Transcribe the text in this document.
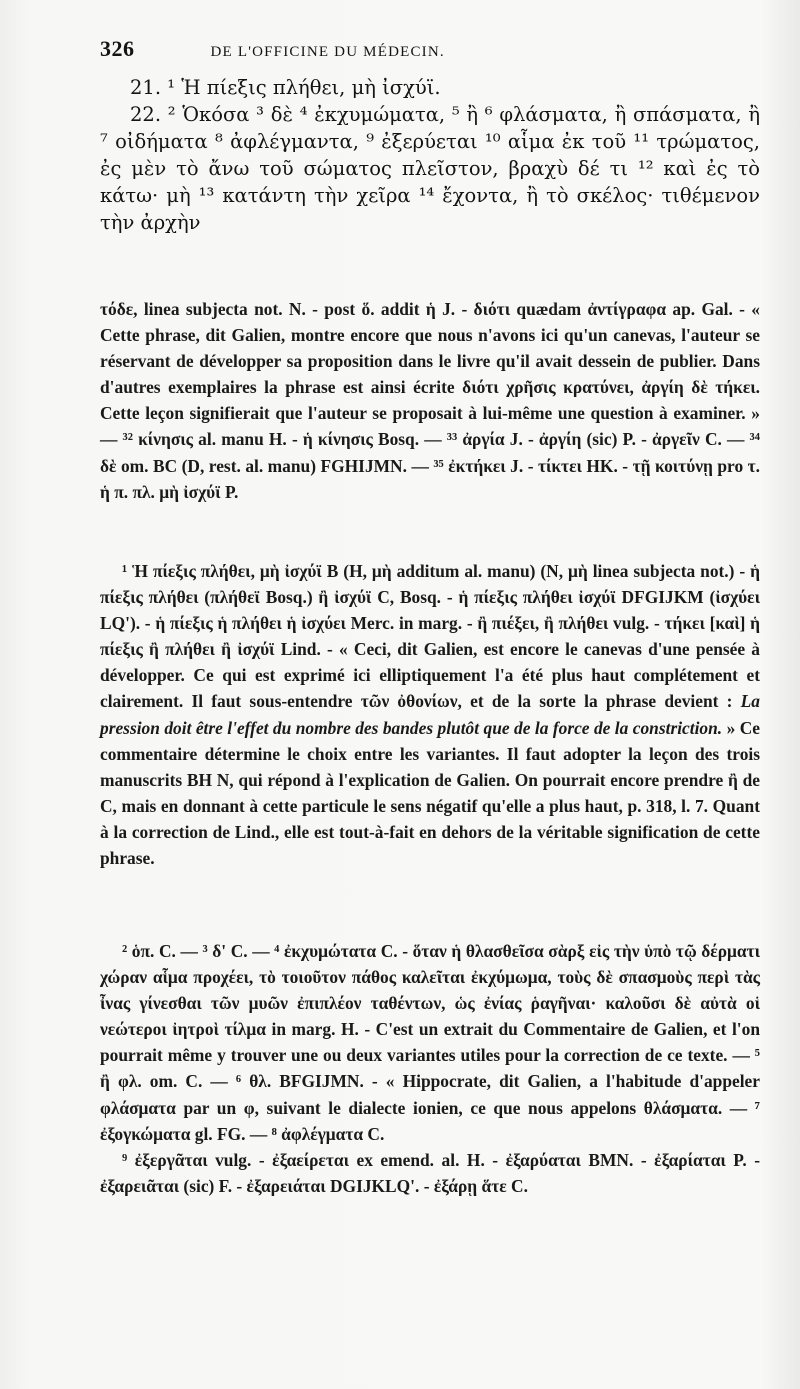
326	DE L'OFFICINE DU MÉDECIN.

21. ¹ Ἡ πίεξις πλήθει, μὴ ἰσχύϊ.

22. ² Ὁκόσα ³ δὲ ⁴ ἐκχυμώματα, ⁵ ἢ ⁶ φλάσματα, ἢ σπάσματα, ἢ ⁷ οἰδήματα ⁸ ἀφλέγμαντα, ⁹ ἐξερύεται ¹⁰ αἷμα ἐκ τοῦ ¹¹ τρώματος, ἐς μὲν τὸ ἄνω τοῦ σώματος πλεῖστον, βραχὺ δέ τι ¹² καὶ ἐς τὸ κάτω· μὴ ¹³ κατάντη τὴν χεῖρα ¹⁴ ἔχοντα, ἢ τὸ σκέλος· τιθέμενον τὴν ἀρχὴν

τόδε, linea subjecta not. N. - post ὅ. addit ἡ J. - διότι quædam ἀντίγραφα ap. Gal. - « Cette phrase, dit Galien, montre encore que nous n'avons ici qu'un canevas, l'auteur se réservant de développer sa proposition dans le livre qu'il avait dessein de publier. Dans d'autres exemplaires la phrase est ainsi écrite διότι χρῆσις κρατύνει, ἀργίη δὲ τήκει. Cette leçon signifierait que l'auteur se proposait à lui-même une question à examiner. » — ³² κίνησις al. manu H. - ἡ κίνησις Bosq. — ³³ ἀργία J. - ἀργίη (sic) P. - ἀργεῖν C. — ³⁴ δὲ om. BC (D, rest. al. manu) FGHIJMN. — ³⁵ ἐκτήκει J. - τίκτει HK. - τῇ κοιτύνῃ pro τ. ἡ π. πλ. μὴ ἰσχύϊ P.

¹ Ἡ πίεξις πλήθει, μὴ ἰσχύϊ B (H, μὴ additum al. manu) (N, μὴ linea subjecta not.) - ἡ πίεξις πλήθει (πλήθεϊ Bosq.) ἢ ἰσχύϊ C, Bosq. - ἡ πίεξις πλήθει ἰσχύϊ DFGIJKM (ἰσχύει LQ'). - ἡ πίεξις ἡ πλήθει ἡ ἰσχύει Merc. in marg. - ἢ πιέξει, ἢ πλήθει vulg. - τήκει [καὶ] ἡ πίεξις ἢ πλήθει ἢ ἰσχύϊ Lind. - « Ceci, dit Galien, est encore le canevas d'une pensée à développer. Ce qui est exprimé ici elliptiquement l'a été plus haut complétement et clairement. Il faut sous-entendre τῶν ὀθονίων, et de la sorte la phrase devient : La pression doit être l'effet du nombre des bandes plutôt que de la force de la constriction. » Ce commentaire détermine le choix entre les variantes. Il faut adopter la leçon des trois manuscrits BH N, qui répond à l'explication de Galien. On pourrait encore prendre ἢ de C, mais en donnant à cette particule le sens négatif qu'elle a plus haut, p. 318, l. 7. Quant à la correction de Lind., elle est tout-à-fait en dehors de la véritable signification de cette phrase.

² ὁπ. C. — ³ δ' C. — ⁴ ἐκχυμώτατα C. - ὅταν ἡ θλασθεῖσα σὰρξ εἰς τὴν ὑπὸ τῷ δέρματι χώραν αἷμα προχέει, τὸ τοιοῦτον πάθος καλεῖται ἐκχύμωμα, τοὺς δὲ σπασμοὺς περὶ τὰς ἶνας γίνεσθαι τῶν μυῶν ἐπιπλέον ταθέντων, ὡς ἐνίας ῥαγῆναι· καλοῦσι δὲ αὐτὰ οἱ νεώτεροι ἰητροὶ τίλμα in marg. H. - C'est un extrait du Commentaire de Galien, et l'on pourrait même y trouver une ou deux variantes utiles pour la correction de ce texte. — ⁵ ἢ φλ. om. C. — ⁶ θλ. BFGIJMN. - « Hippocrate, dit Galien, a l'habitude d'appeler φλάσματα par un φ, suivant le dialecte ionien, ce que nous appelons θλάσματα. — ⁷ ἐξογκώματα gl. FG. — ⁸ ἀφλέγματα C.

⁹ ἐξεργᾶται vulg. - ἐξαείρεται ex emend. al. H. - ἐξαρύαται BMN. - ἐξαρίαται P. - ἐξαρειᾶται (sic) F. - ἐξαρειάται DGIJKLQ'. - ἐξάρῃ ἅτε C.
